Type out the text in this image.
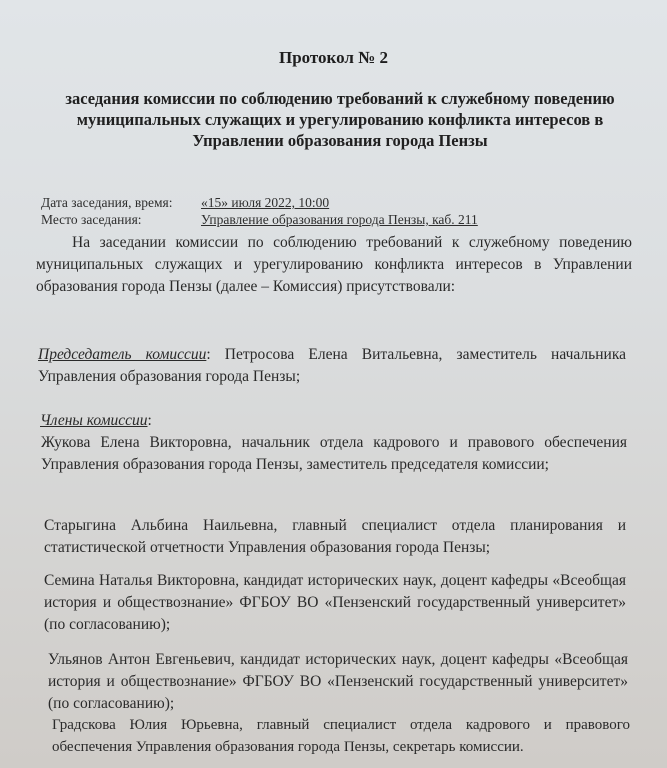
Протокол № 2
заседания комиссии по соблюдению требований к служебному поведению муниципальных служащих и урегулированию конфликта интересов в Управлении образования города Пензы
Дата заседания, время:	«15» июля 2022, 10:00
Место заседания:	Управление образования города Пензы, каб. 211
На заседании комиссии по соблюдению требований к служебному поведению муниципальных служащих и урегулированию конфликта интересов в Управлении образования города Пензы (далее – Комиссия) присутствовали:
Председатель комиссии: Петросова Елена Витальевна, заместитель начальника Управления образования города Пензы;
Члены комиссии:
Жукова Елена Викторовна, начальник отдела кадрового и правового обеспечения Управления образования города Пензы, заместитель председателя комиссии;
Старыгина Альбина Наильевна, главный специалист отдела планирования и статистической отчетности Управления образования города Пензы;
Семина Наталья Викторовна, кандидат исторических наук, доцент кафедры «Всеобщая история и обществознание» ФГБОУ ВО «Пензенский государственный университет» (по согласованию);
Ульянов Антон Евгеньевич, кандидат исторических наук, доцент кафедры «Всеобщая история и обществознание» ФГБОУ ВО «Пензенский государственный университет» (по согласованию);
Градскова Юлия Юрьевна, главный специалист отдела кадрового и правового обеспечения Управления образования города Пензы, секретарь комиссии.
